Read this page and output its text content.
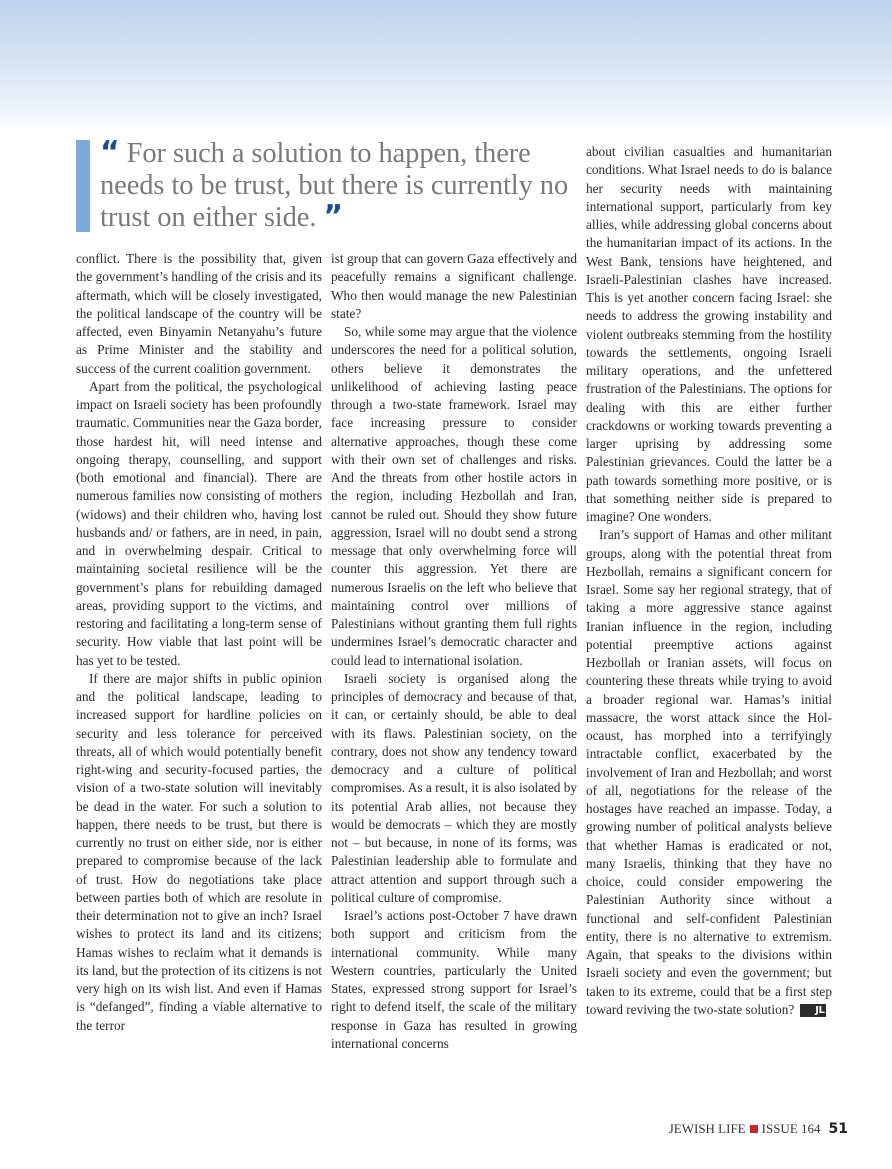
“ For such a solution to happen, there needs to be trust, but there is currently no trust on either side. ”

conflict. There is the possibility that, given the government’s handling of the crisis and its aftermath, which will be closely investigated, the political landscape of the country will be affected, even Binyamin Netanyahu’s future as Prime Minister and the stability and success of the current coalition government.

Apart from the political, the psychological impact on Israeli society has been profoundly traumatic. Communities near the Gaza border, those hardest hit, will need intense and ongoing therapy, counselling, and support (both emotional and financial). There are numerous families now consisting of mothers (widows) and their children who, having lost husbands and/ or fathers, are in need, in pain, and in overwhelming despair. Critical to maintaining societal resilience will be the government’s plans for rebuilding damaged areas, providing support to the victims, and restoring and facilitating a long-term sense of security. How viable that last point will be has yet to be tested.

If there are major shifts in public opinion and the political landscape, leading to increased support for hardline policies on security and less tolerance for perceived threats, all of which would potentially benefit right-wing and security-focused parties, the vision of a two-state solution will inevitably be dead in the water. For such a solution to happen, there needs to be trust, but there is currently no trust on either side, nor is either prepared to compromise because of the lack of trust. How do negotiations take place between parties both of which are resolute in their determination not to give an inch? Israel wishes to protect its land and its citizens; Hamas wishes to reclaim what it demands is its land, but the protection of its citizens is not very high on its wish list. And even if Hamas is “defanged”, finding a viable alternative to the terror

ist group that can govern Gaza effectively and peacefully remains a significant challenge. Who then would manage the new Palestinian state?

So, while some may argue that the violence underscores the need for a political solution, others believe it demonstrates the unlikelihood of achieving lasting peace through a two-state framework. Israel may face increasing pressure to consider alternative approaches, though these come with their own set of challenges and risks. And the threats from other hostile actors in the region, including Hezbollah and Iran, cannot be ruled out. Should they show future aggression, Israel will no doubt send a strong message that only overwhelming force will counter this aggression. Yet there are numerous Israelis on the left who believe that maintaining control over millions of Palestinians without granting them full rights undermines Israel’s democratic character and could lead to international isolation.

Israeli society is organised along the principles of democracy and because of that, it can, or certainly should, be able to deal with its flaws. Palestinian society, on the contrary, does not show any tendency toward democracy and a culture of political compromises. As a result, it is also isolated by its potential Arab allies, not because they would be democrats – which they are mostly not – but because, in none of its forms, was Palestinian leadership able to formulate and attract attention and support through such a political culture of compromise.

Israel’s actions post-October 7 have drawn both support and criticism from the international community. While many Western countries, particularly the United States, expressed strong support for Israel’s right to defend itself, the scale of the military response in Gaza has resulted in growing international concerns

about civilian casualties and humanitarian conditions. What Israel needs to do is balance her security needs with maintaining international support, particularly from key allies, while addressing global concerns about the humanitarian impact of its actions. In the West Bank, tensions have heightened, and Israeli-Palestinian clashes have increased. This is yet another concern facing Israel: she needs to address the growing instability and violent outbreaks stemming from the hostility towards the settlements, ongoing Israeli military operations, and the unfettered frustration of the Palestinians. The options for dealing with this are either further crackdowns or working towards preventing a larger uprising by addressing some Palestinian grievances. Could the latter be a path towards something more positive, or is that something neither side is prepared to imagine? One wonders.

Iran’s support of Hamas and other militant groups, along with the potential threat from Hezbollah, remains a significant concern for Israel. Some say her regional strategy, that of taking a more aggressive stance against Iranian influence in the region, including potential preemptive actions against Hezbollah or Iranian assets, will focus on countering these threats while trying to avoid a broader regional war. Hamas’s initial massacre, the worst attack since the Holocaust, has morphed into a terrifyingly intractable conflict, exacerbated by the involvement of Iran and Hezbollah; and worst of all, negotiations for the release of the hostages have reached an impasse. Today, a growing number of political analysts believe that whether Hamas is eradicated or not, many Israelis, thinking that they have no choice, could consider empowering the Palestinian Authority since without a functional and self-confident Palestinian entity, there is no alternative to extremism. Again, that speaks to the divisions within Israeli society and even the government; but taken to its extreme, could that be a first step toward reviving the two-state solution? JL

JEWISH LIFE ISSUE 164 51
